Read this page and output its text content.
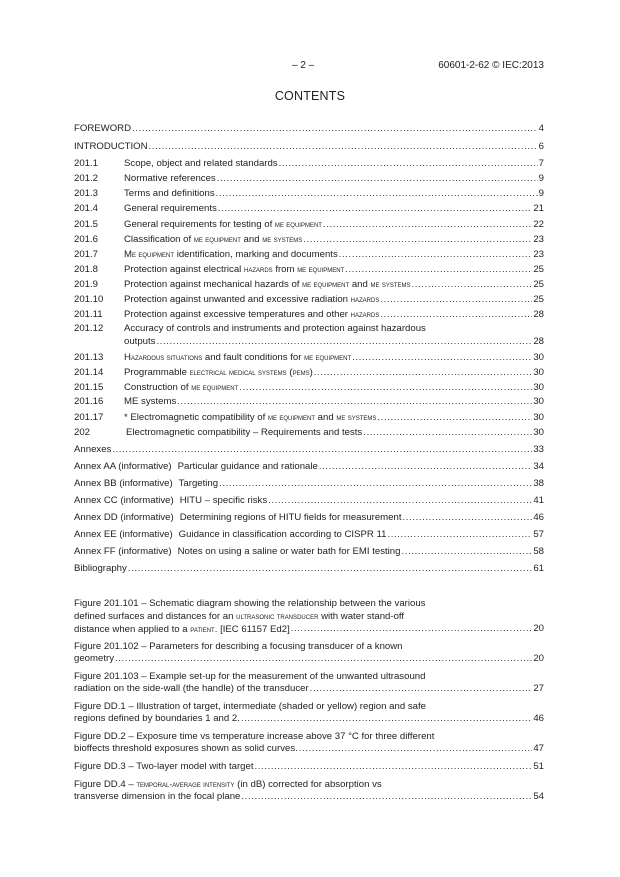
– 2 –	60601-2-62 © IEC:2013
CONTENTS
FOREWORD .....	4
INTRODUCTION .....	6
201.1	Scope, object and related standards .....	7
201.2	Normative references .....	9
201.3	Terms and definitions .....	9
201.4	General requirements .....	21
201.5	General requirements for testing of me equipment .....	22
201.6	Classification of me equipment and me systems .....	23
201.7	Me equipment identification, marking and documents .....	23
201.8	Protection against electrical hazards from me equipment .....	25
201.9	Protection against mechanical hazards of me equipment and me systems .....	25
201.10	Protection against unwanted and excessive radiation hazards .....	25
201.11	Protection against excessive temperatures and other hazards .....	28
201.12	Accuracy of controls and instruments and protection against hazardous
outputs .....	28
201.13	Hazardous situations and fault conditions for me equipment .....	30
201.14	Programmable electrical medical systems (pems) .....	30
201.15	Construction of me equipment .....	30
201.16	ME systems .....	30
201.17	* Electromagnetic compatibility of me equipment and me systems .....	30
202	Electromagnetic compatibility – Requirements and tests .....	30
Annexes .....	33
Annex AA (informative) Particular guidance and rationale .....	34
Annex BB (informative) Targeting .....	38
Annex CC (informative) HITU – specific risks .....	41
Annex DD (informative) Determining regions of HITU fields for measurement .....	46
Annex EE (informative) Guidance in classification according to CISPR 11 .....	57
Annex FF (informative) Notes on using a saline or water bath for EMI testing .....	58
Bibliography .....	61
Figure 201.101 – Schematic diagram showing the relationship between the various
defined surfaces and distances for an ultrasonic transducer with water stand-off
distance when applied to a patient. [IEC 61157 Ed2] .....	20
Figure 201.102 – Parameters for describing a focusing transducer of a known
geometry .....	20
Figure 201.103 – Example set-up for the measurement of the unwanted ultrasound
radiation on the side-wall (the handle) of the transducer .....	27
Figure DD.1 – Illustration of target, intermediate (shaded or yellow) region and safe
regions defined by boundaries 1 and 2. .....	46
Figure DD.2 – Exposure time vs temperature increase above 37 °C for three different
bioffects threshold exposures shown as solid curves. .....	47
Figure DD.3 – Two-layer model with target .....	51
Figure DD.4 – temporal-average intensity (in dB) corrected for absorption vs
transverse dimension in the focal plane .....	54
